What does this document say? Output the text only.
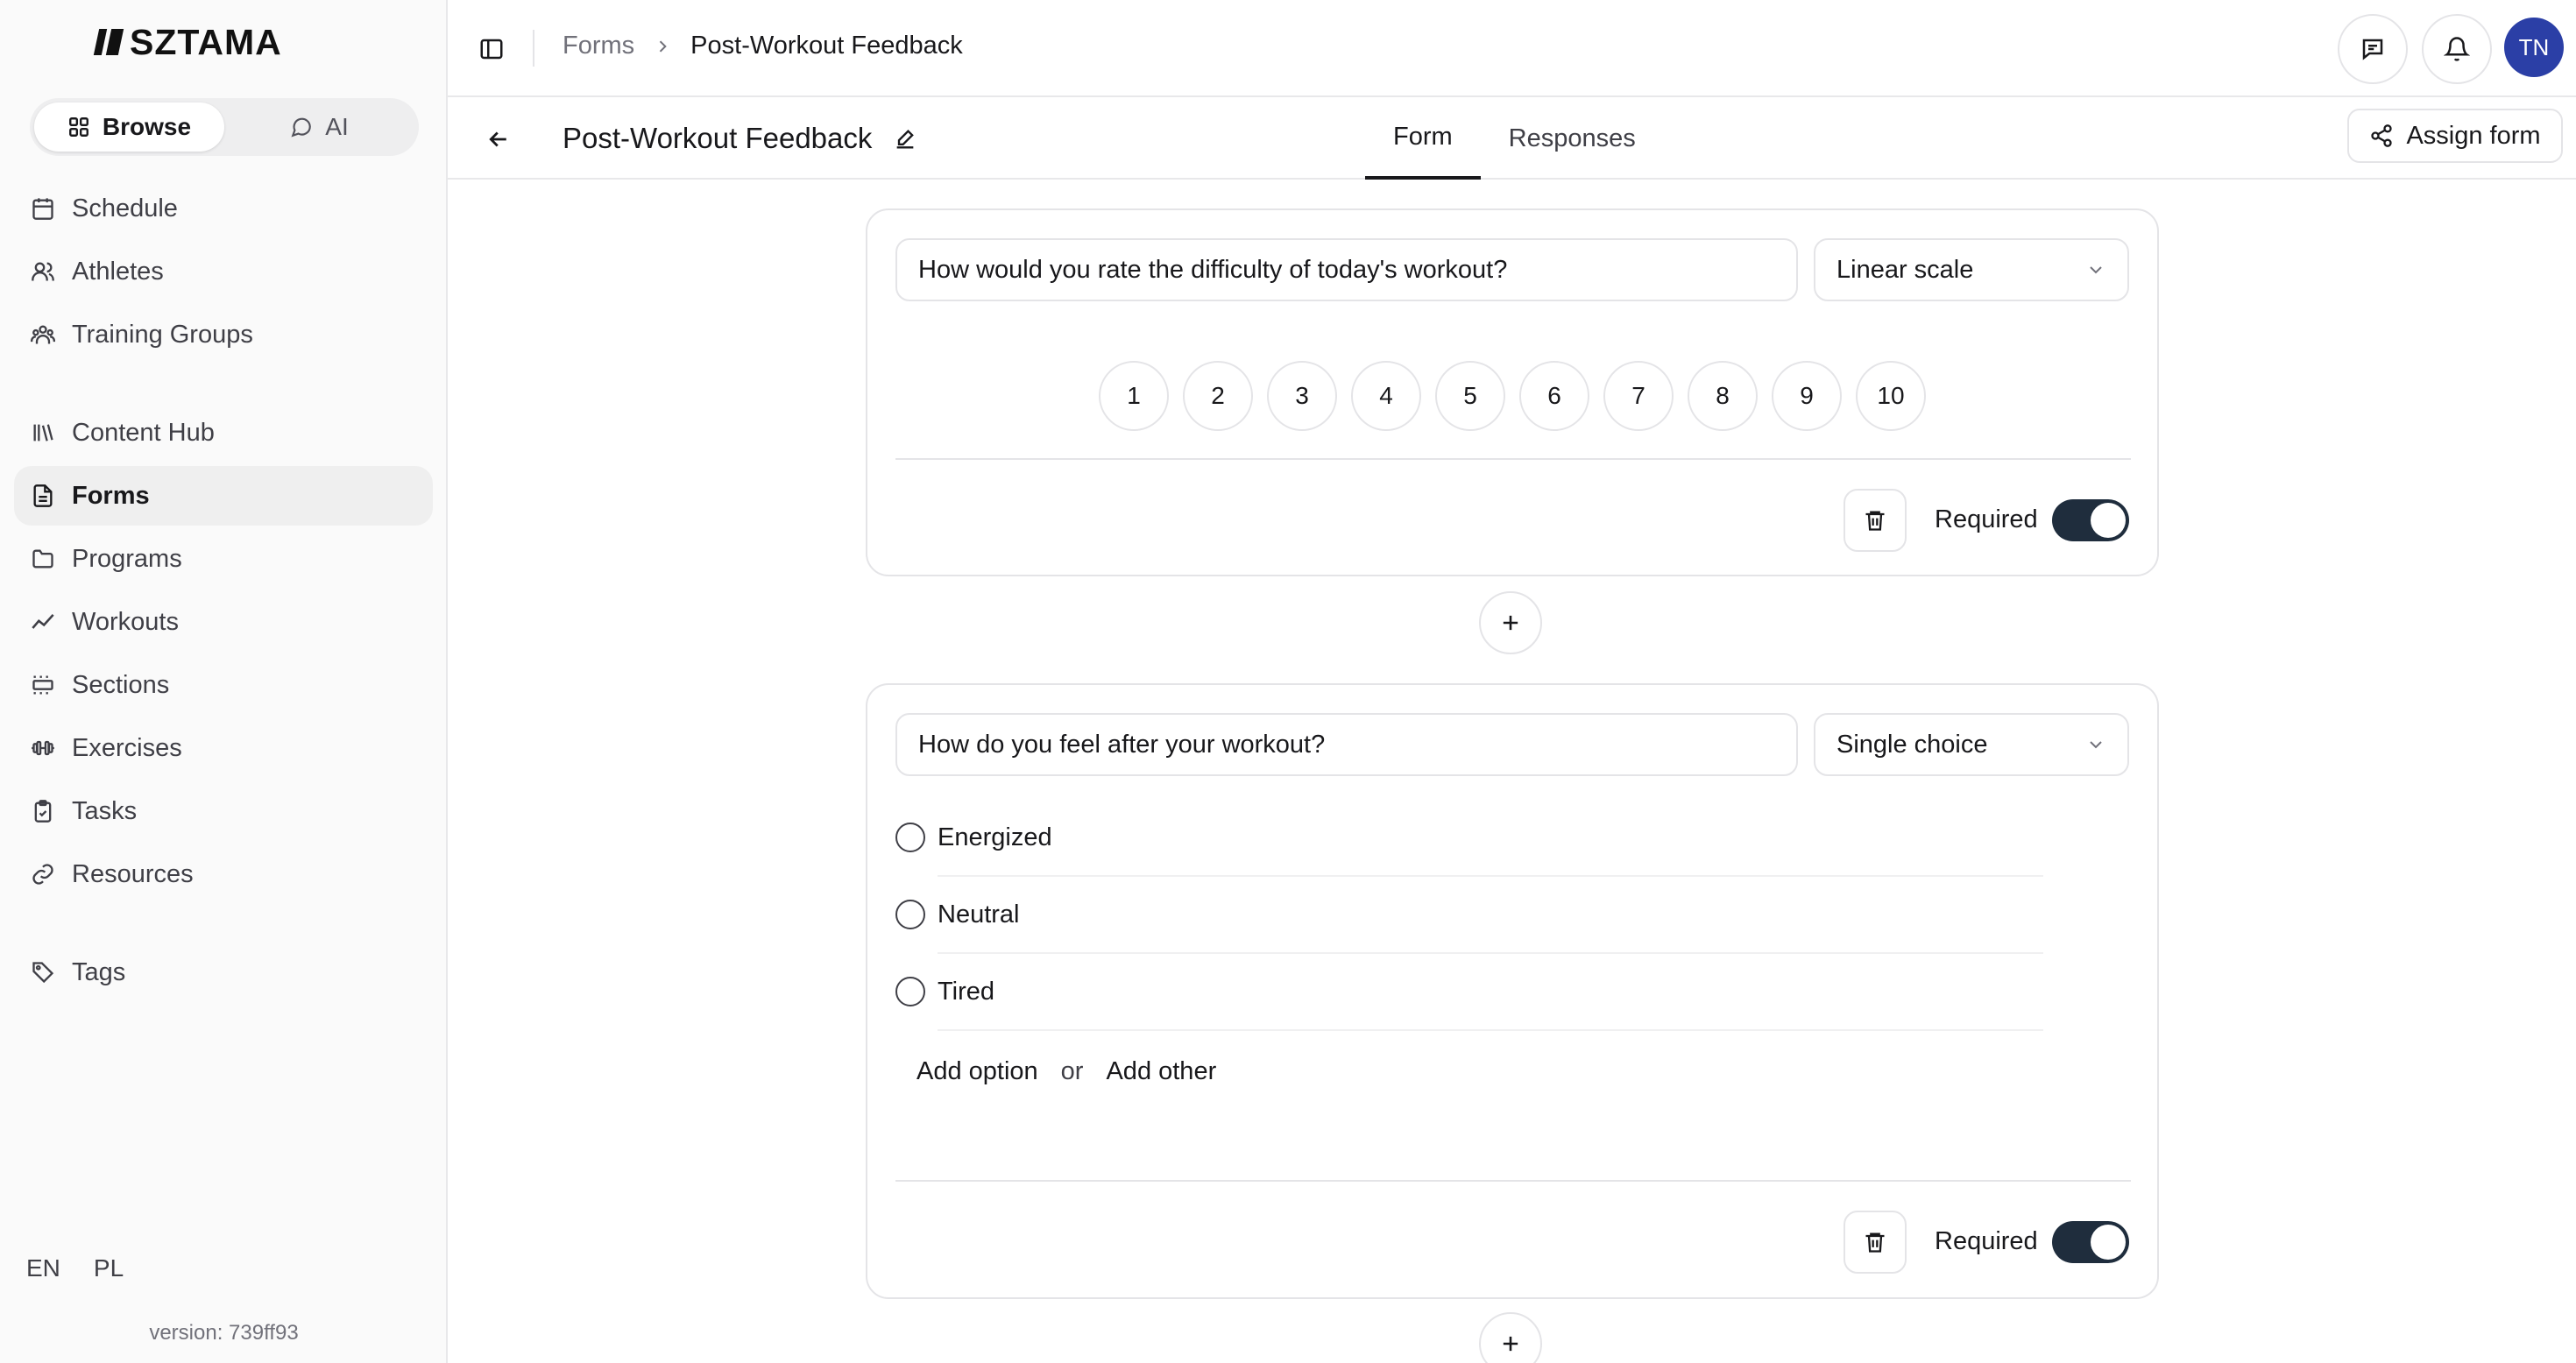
SZTAMA
Browse	AI
Schedule
Athletes
Training Groups
Content Hub
Forms
Programs
Workouts
Sections
Exercises
Tasks
Resources
Tags
EN PL
version: 739ff93
Forms Post-Workout Feedback	TN
Post-Workout Feedback	Form	Responses	Assign form
How would you rate the difficulty of today's workout?	Linear scale
1	2	3	4	5	6	7	8	9	10
Required
How do you feel after your workout?	Single choice
Energized
Neutral
Tired
Add option or Add other
Required
